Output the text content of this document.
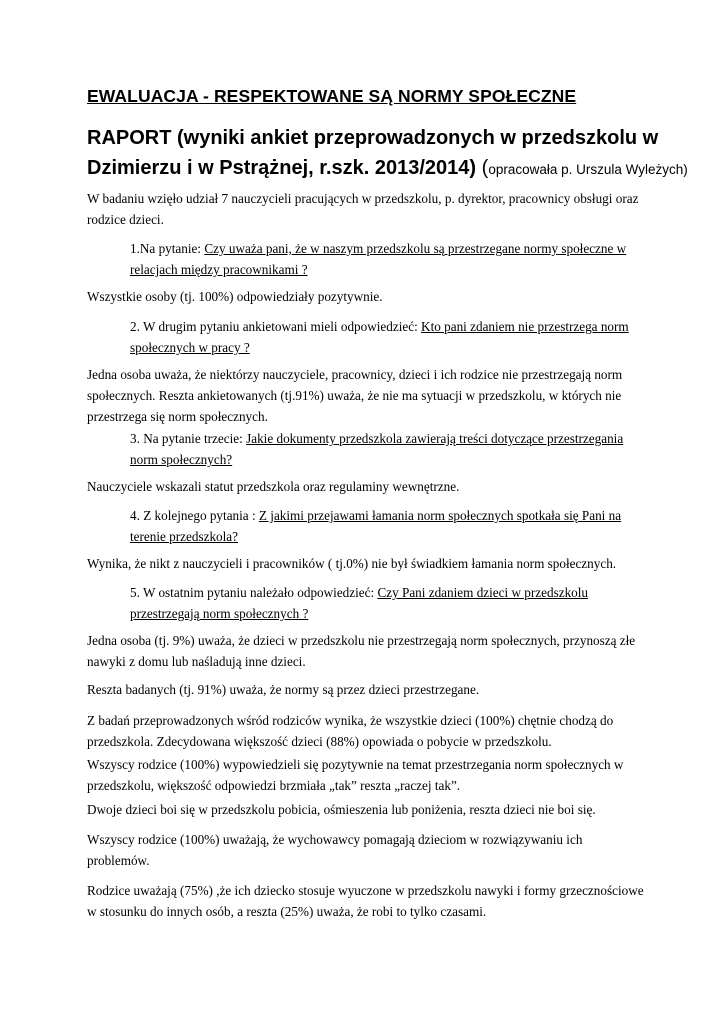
EWALUACJA - RESPEKTOWANE SĄ NORMY SPOŁECZNE
RAPORT (wyniki ankiet przeprowadzonych w przedszkolu w Dzimierzu i w Pstrążnej, r.szk. 2013/2014) (opracowała p. Urszula Wyleżych)

W badaniu wzięło udział 7 nauczycieli pracujących w przedszkolu, p. dyrektor, pracownicy obsługi oraz rodzice dzieci.

1.Na pytanie: Czy uważa pani, że w naszym przedszkolu są przestrzegane normy społeczne w relacjach między pracownikami ?

Wszystkie osoby (tj. 100%) odpowiedziały pozytywnie.

2. W drugim pytaniu ankietowani mieli odpowiedzieć: Kto pani zdaniem nie przestrzega norm społecznych w pracy ?

Jedna osoba uważa, że niektórzy nauczyciele, pracownicy, dzieci i ich rodzice nie przestrzegają norm społecznych. Reszta ankietowanych (tj.91%) uważa, że nie ma sytuacji w przedszkolu, w których nie przestrzega się norm społecznych.

3. Na pytanie trzecie: Jakie dokumenty przedszkola zawierają treści dotyczące przestrzegania norm społecznych?

Nauczyciele wskazali statut przedszkola oraz regulaminy wewnętrzne.

4. Z kolejnego pytania : Z jakimi przejawami łamania norm społecznych spotkała się Pani na terenie przedszkola?

Wynika, że nikt z nauczycieli i pracowników ( tj.0%) nie był świadkiem łamania norm społecznych.

5. W ostatnim pytaniu należało odpowiedzieć: Czy Pani zdaniem dzieci w przedszkolu przestrzegają norm społecznych ?

Jedna osoba (tj. 9%) uważa, że dzieci w przedszkolu nie przestrzegają norm społecznych, przynoszą złe nawyki z domu lub naśladują inne dzieci.

Reszta badanych (tj. 91%) uważa, że normy są przez dzieci przestrzegane.

Z badań przeprowadzonych wśród rodziców wynika, że wszystkie dzieci (100%) chętnie chodzą do przedszkola. Zdecydowana większość dzieci (88%) opowiada o pobycie w przedszkolu.

Wszyscy rodzice (100%) wypowiedzieli się pozytywnie na temat przestrzegania norm społecznych w przedszkolu, większość odpowiedzi brzmiała „tak” reszta „raczej tak”.

Dwoje dzieci boi się w przedszkolu pobicia, ośmieszenia lub poniżenia, reszta dzieci nie boi się.

Wszyscy rodzice (100%) uważają, że wychowawcy pomagają dzieciom w rozwiązywaniu ich problemów.

Rodzice uważają (75%) ,że ich dziecko stosuje wyuczone w przedszkolu nawyki i formy grzecznościowe w stosunku do innych osób, a reszta (25%) uważa, że robi to tylko czasami.
